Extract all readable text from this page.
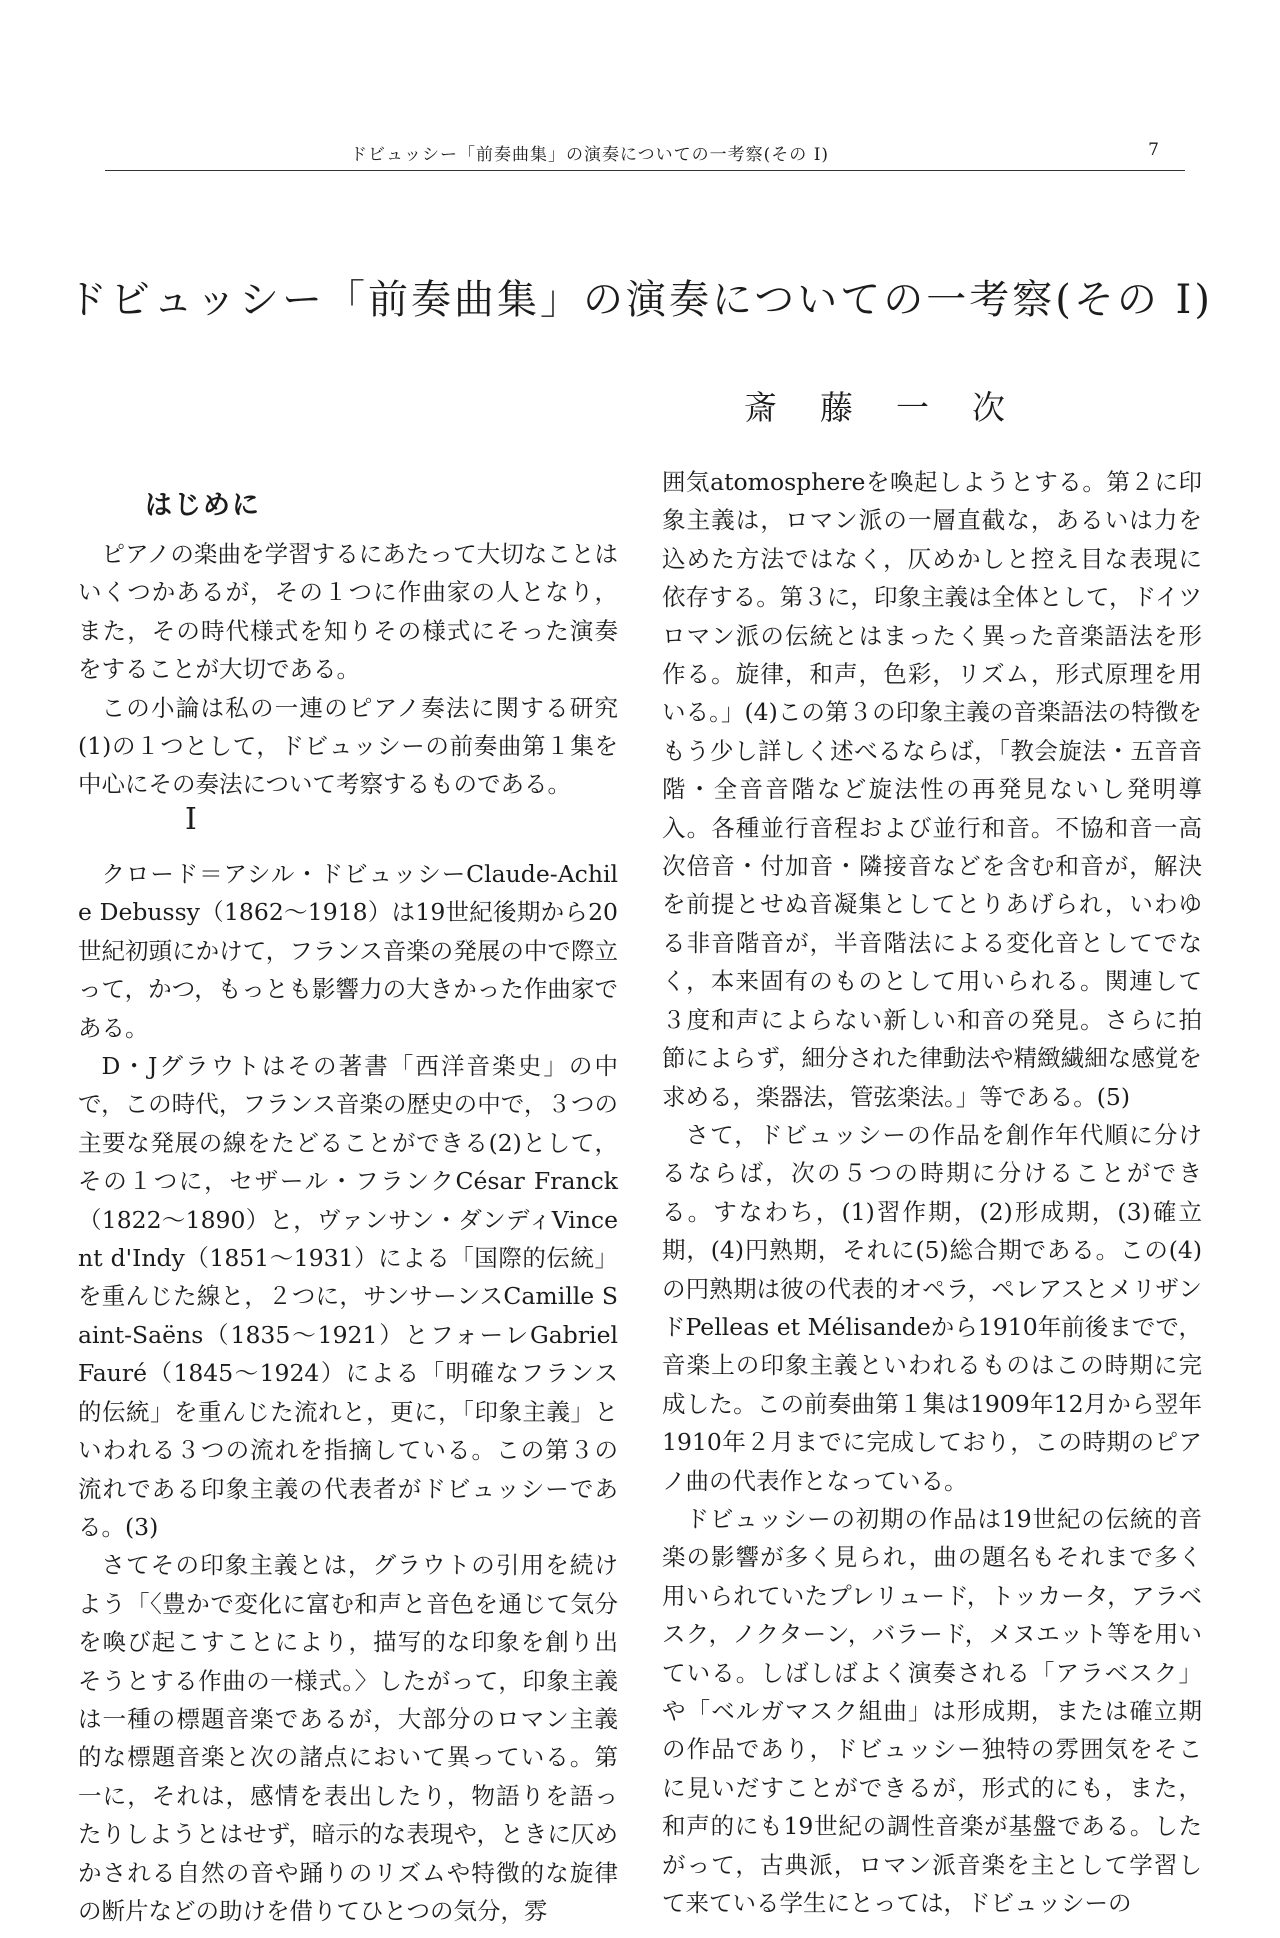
ドビュッシー「前奏曲集」の演奏についての一考察(その I)	7
ドビュッシー「前奏曲集」の演奏についての一考察(その I)
斎藤一次
はじめに

ピアノの楽曲を学習するにあたって大切なことはいくつかあるが，その１つに作曲家の人となり，また，その時代様式を知りその様式にそった演奏をすることが大切である。

この小論は私の一連のピアノ奏法に関する研究(1)の１つとして，ドビュッシーの前奏曲第１集を中心にその奏法について考察するものである。

I

クロード＝アシル・ドビュッシーClaude-Achile Debussy（1862〜1918）は19世紀後期から20世紀初頭にかけて，フランス音楽の発展の中で際立って，かつ，もっとも影響力の大きかった作曲家である。

D・Jグラウトはその著書「西洋音楽史」の中で，この時代，フランス音楽の歴史の中で，３つの主要な発展の線をたどることができる(2)として，その１つに，セザール・フランクCésar Franck（1822〜1890）と，ヴァンサン・ダンディVincent d'Indy（1851〜1931）による「国際的伝統」を重んじた線と，２つに，サンサーンスCamille Saint-Saëns（1835〜1921）とフォーレGabriel Fauré（1845〜1924）による「明確なフランス的伝統」を重んじた流れと，更に，「印象主義」といわれる３つの流れを指摘している。この第３の流れである印象主義の代表者がドビュッシーである。(3)

さてその印象主義とは，グラウトの引用を続けよう「〈豊かで変化に富む和声と音色を通じて気分を喚び起こすことにより，描写的な印象を創り出そうとする作曲の一様式。〉したがって，印象主義は一種の標題音楽であるが，大部分のロマン主義的な標題音楽と次の諸点において異っている。第一に，それは，感情を表出したり，物語りを語ったりしようとはせず，暗示的な表現や，ときに仄めかされる自然の音や踊りのリズムや特徴的な旋律の断片などの助けを借りてひとつの気分，雰

囲気atomosphereを喚起しようとする。第２に印象主義は，ロマン派の一層直截な，あるいは力を込めた方法ではなく，仄めかしと控え目な表現に依存する。第３に，印象主義は全体として，ドイツロマン派の伝統とはまったく異った音楽語法を形作る。旋律，和声，色彩，リズム，形式原理を用いる。」(4)この第３の印象主義の音楽語法の特徴をもう少し詳しく述べるならば，「教会旋法・五音音階・全音音階など旋法性の再発見ないし発明導入。各種並行音程および並行和音。不協和音一高次倍音・付加音・隣接音などを含む和音が，解決を前提とせぬ音凝集としてとりあげられ，いわゆる非音階音が，半音階法による変化音としてでなく，本来固有のものとして用いられる。関連して３度和声によらない新しい和音の発見。さらに拍節によらず，細分された律動法や精緻繊細な感覚を求める，楽器法，管弦楽法。」等である。(5)

さて，ドビュッシーの作品を創作年代順に分けるならば，次の５つの時期に分けることができる。すなわち，(1)習作期，(2)形成期，(3)確立期，(4)円熟期，それに(5)総合期である。この(4)の円熟期は彼の代表的オペラ，ペレアスとメリザンドPelleas et Mélisandeから1910年前後までで，音楽上の印象主義といわれるものはこの時期に完成した。この前奏曲第１集は1909年12月から翌年1910年２月までに完成しており，この時期のピアノ曲の代表作となっている。

ドビュッシーの初期の作品は19世紀の伝統的音楽の影響が多く見られ，曲の題名もそれまで多く用いられていたプレリュード，トッカータ，アラベスク，ノクターン，バラード，メヌエット等を用いている。しばしばよく演奏される「アラベスク」や「ベルガマスク組曲」は形成期，または確立期の作品であり，ドビュッシー独特の雰囲気をそこに見いだすことができるが，形式的にも，また，和声的にも19世紀の調性音楽が基盤である。したがって，古典派，ロマン派音楽を主として学習して来ている学生にとっては，ドビュッシーの
